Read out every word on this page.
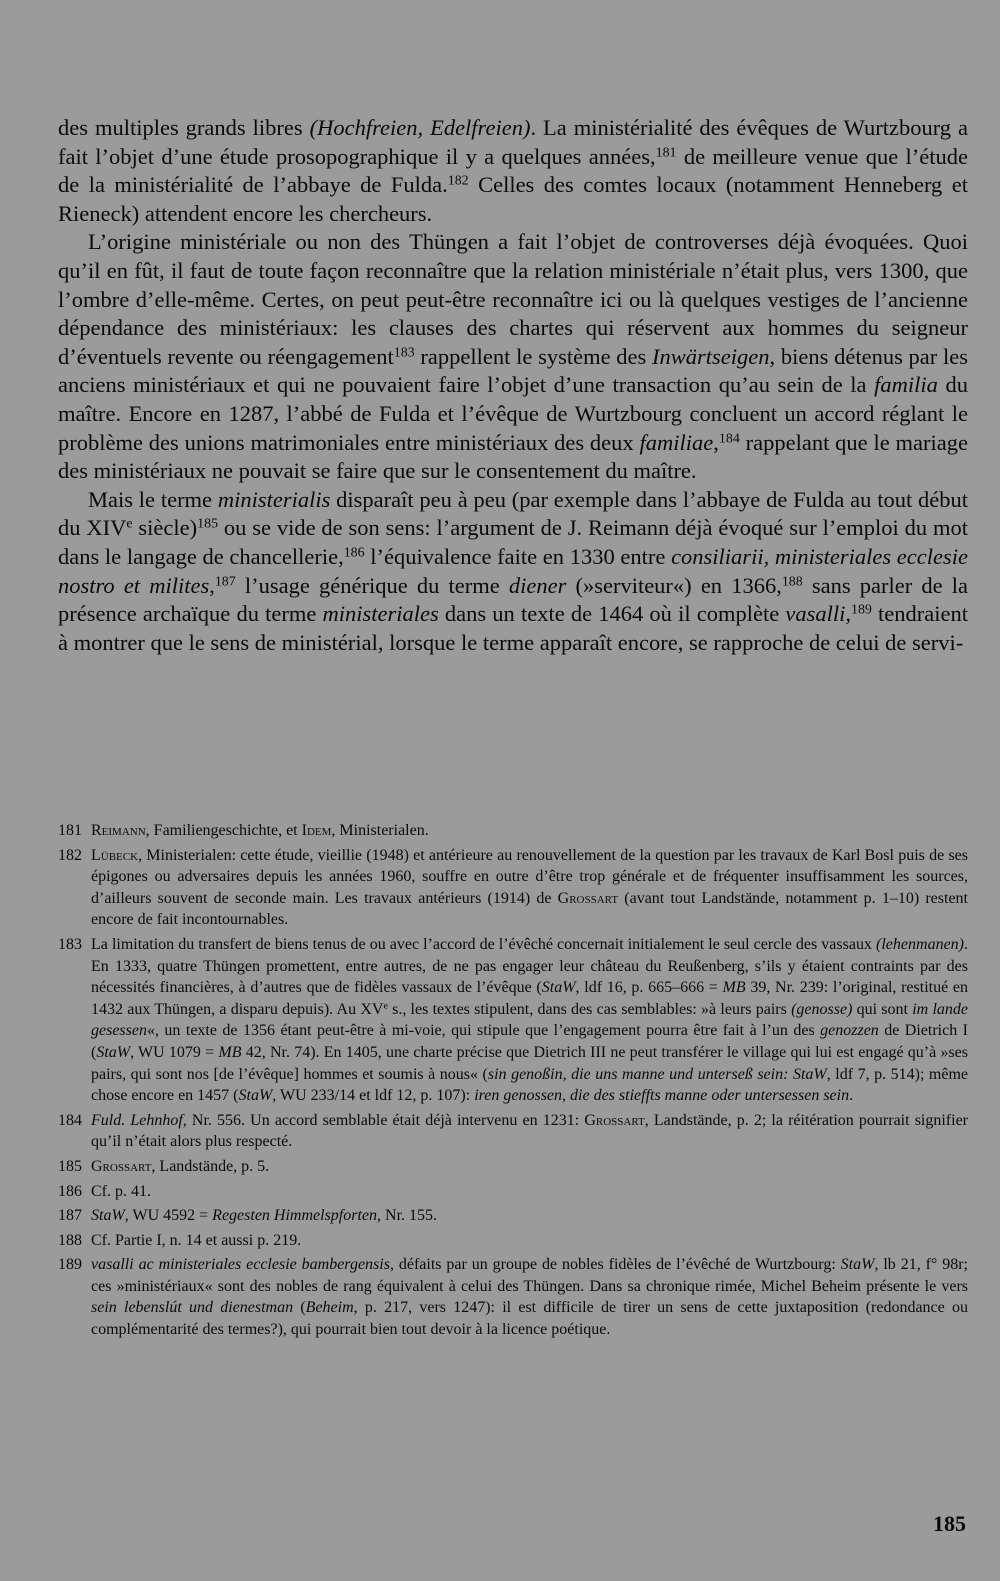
des multiples grands libres (Hochfreien, Edelfreien). La ministérialité des évêques de Wurtzbourg a fait l’objet d’une étude prosopographique il y a quelques années,$^{181}$ de meilleure venue que l’étude de la ministérialité de l’abbaye de Fulda.$^{182}$ Celles des comtes locaux (notamment Henneberg et Rieneck) attendent encore les chercheurs.

L’origine ministériale ou non des Thüngen a fait l’objet de controverses déjà évoquées. Quoi qu’il en fût, il faut de toute façon reconnaître que la relation ministériale n’était plus, vers 1300, que l’ombre d’elle-même. Certes, on peut peut-être reconnaître ici ou là quelques vestiges de l’ancienne dépendance des ministériaux: les clauses des chartes qui réservent aux hommes du seigneur d’éventuels revente ou réengagement$^{183}$ rappellent le système des Inwärtseigen, biens détenus par les anciens ministériaux et qui ne pouvaient faire l’objet d’une transaction qu’au sein de la familia du maître. Encore en 1287, l’abbé de Fulda et l’évêque de Wurtzbourg concluent un accord réglant le problème des unions matrimoniales entre ministériaux des deux familiae,$^{184}$ rappelant que le mariage des ministériaux ne pouvait se faire que sur le consentement du maître.

Mais le terme ministerialis disparaît peu à peu (par exemple dans l’abbaye de Fulda au tout début du XIVe siècle)$^{185}$ ou se vide de son sens: l’argument de J. Reimann déjà évoqué sur l’emploi du mot dans le langage de chancellerie,$^{186}$ l’équivalence faite en 1330 entre consiliarii, ministeriales ecclesie nostro et milites,$^{187}$ l’usage générique du terme diener (»serviteur«) en 1366,$^{188}$ sans parler de la présence archaïque du terme ministeriales dans un texte de 1464 où il complète vasalli,$^{189}$ tendraient à montrer que le sens de ministérial, lorsque le terme apparaît encore, se rapproche de celui de servi-

181 Reimann, Familiengeschichte, et Idem, Ministerialen.
182 Lübeck, Ministerialen: cette étude, vieillie (1948) et antérieure au renouvellement de la question par les travaux de Karl Bosl puis de ses épigones ou adversaires depuis les années 1960, souffre en outre d’être trop générale et de fréquenter insuffisamment les sources, d’ailleurs souvent de seconde main. Les travaux antérieurs (1914) de Grossart (avant tout Landstände, notamment p. 1–10) restent encore de fait incontournables.
183 La limitation du transfert de biens tenus de ou avec l’accord de l’évêché concernait initialement le seul cercle des vassaux (lehenmanen). En 1333, quatre Thüngen promettent, entre autres, de ne pas engager leur château du Reußenberg, s’ils y étaient contraints par des nécessités financières, à d’autres que de fidèles vassaux de l’évêque (StaW, ldf 16, p. 665–666 = MB 39, Nr. 239: l’original, restitué en 1432 aux Thüngen, a disparu depuis). Au XVe s., les textes stipulent, dans des cas semblables: »à leurs pairs (genosse) qui sont im lande gesessen«, un texte de 1356 étant peut-être à mi-voie, qui stipule que l’engagement pourra être fait à l’un des genozzen de Dietrich I (StaW, WU 1079 = MB 42, Nr. 74). En 1405, une charte précise que Dietrich III ne peut transférer le village qui lui est engagé qu’à »ses pairs, qui sont nos [de l’évêque] hommes et soumis à nous« (sin genoßin, die uns manne und unterseß sein: StaW, ldf 7, p. 514); même chose encore en 1457 (StaW, WU 233/14 et ldf 12, p. 107): iren genossen, die des stieffts manne oder untersessen sein.
184 Fuld. Lehnhof, Nr. 556. Un accord semblable était déjà intervenu en 1231: Grossart, Landstände, p. 2; la réitération pourrait signifier qu’il n’était alors plus respecté.
185 Grossart, Landstände, p. 5.
186 Cf. p. 41.
187 StaW, WU 4592 = Regesten Himmelspforten, Nr. 155.
188 Cf. Partie I, n. 14 et aussi p. 219.
189 vasalli ac ministeriales ecclesie bambergensis, défaits par un groupe de nobles fidèles de l’évêché de Wurtzbourg: StaW, lb 21, f° 98r; ces »ministériaux« sont des nobles de rang équivalent à celui des Thüngen. Dans sa chronique rimée, Michel Beheim présente le vers sein lebenslút und dienestman (Beheim, p. 217, vers 1247): il est difficile de tirer un sens de cette juxtaposition (redondance ou complémentarité des termes?), qui pourrait bien tout devoir à la licence poétique.
185
